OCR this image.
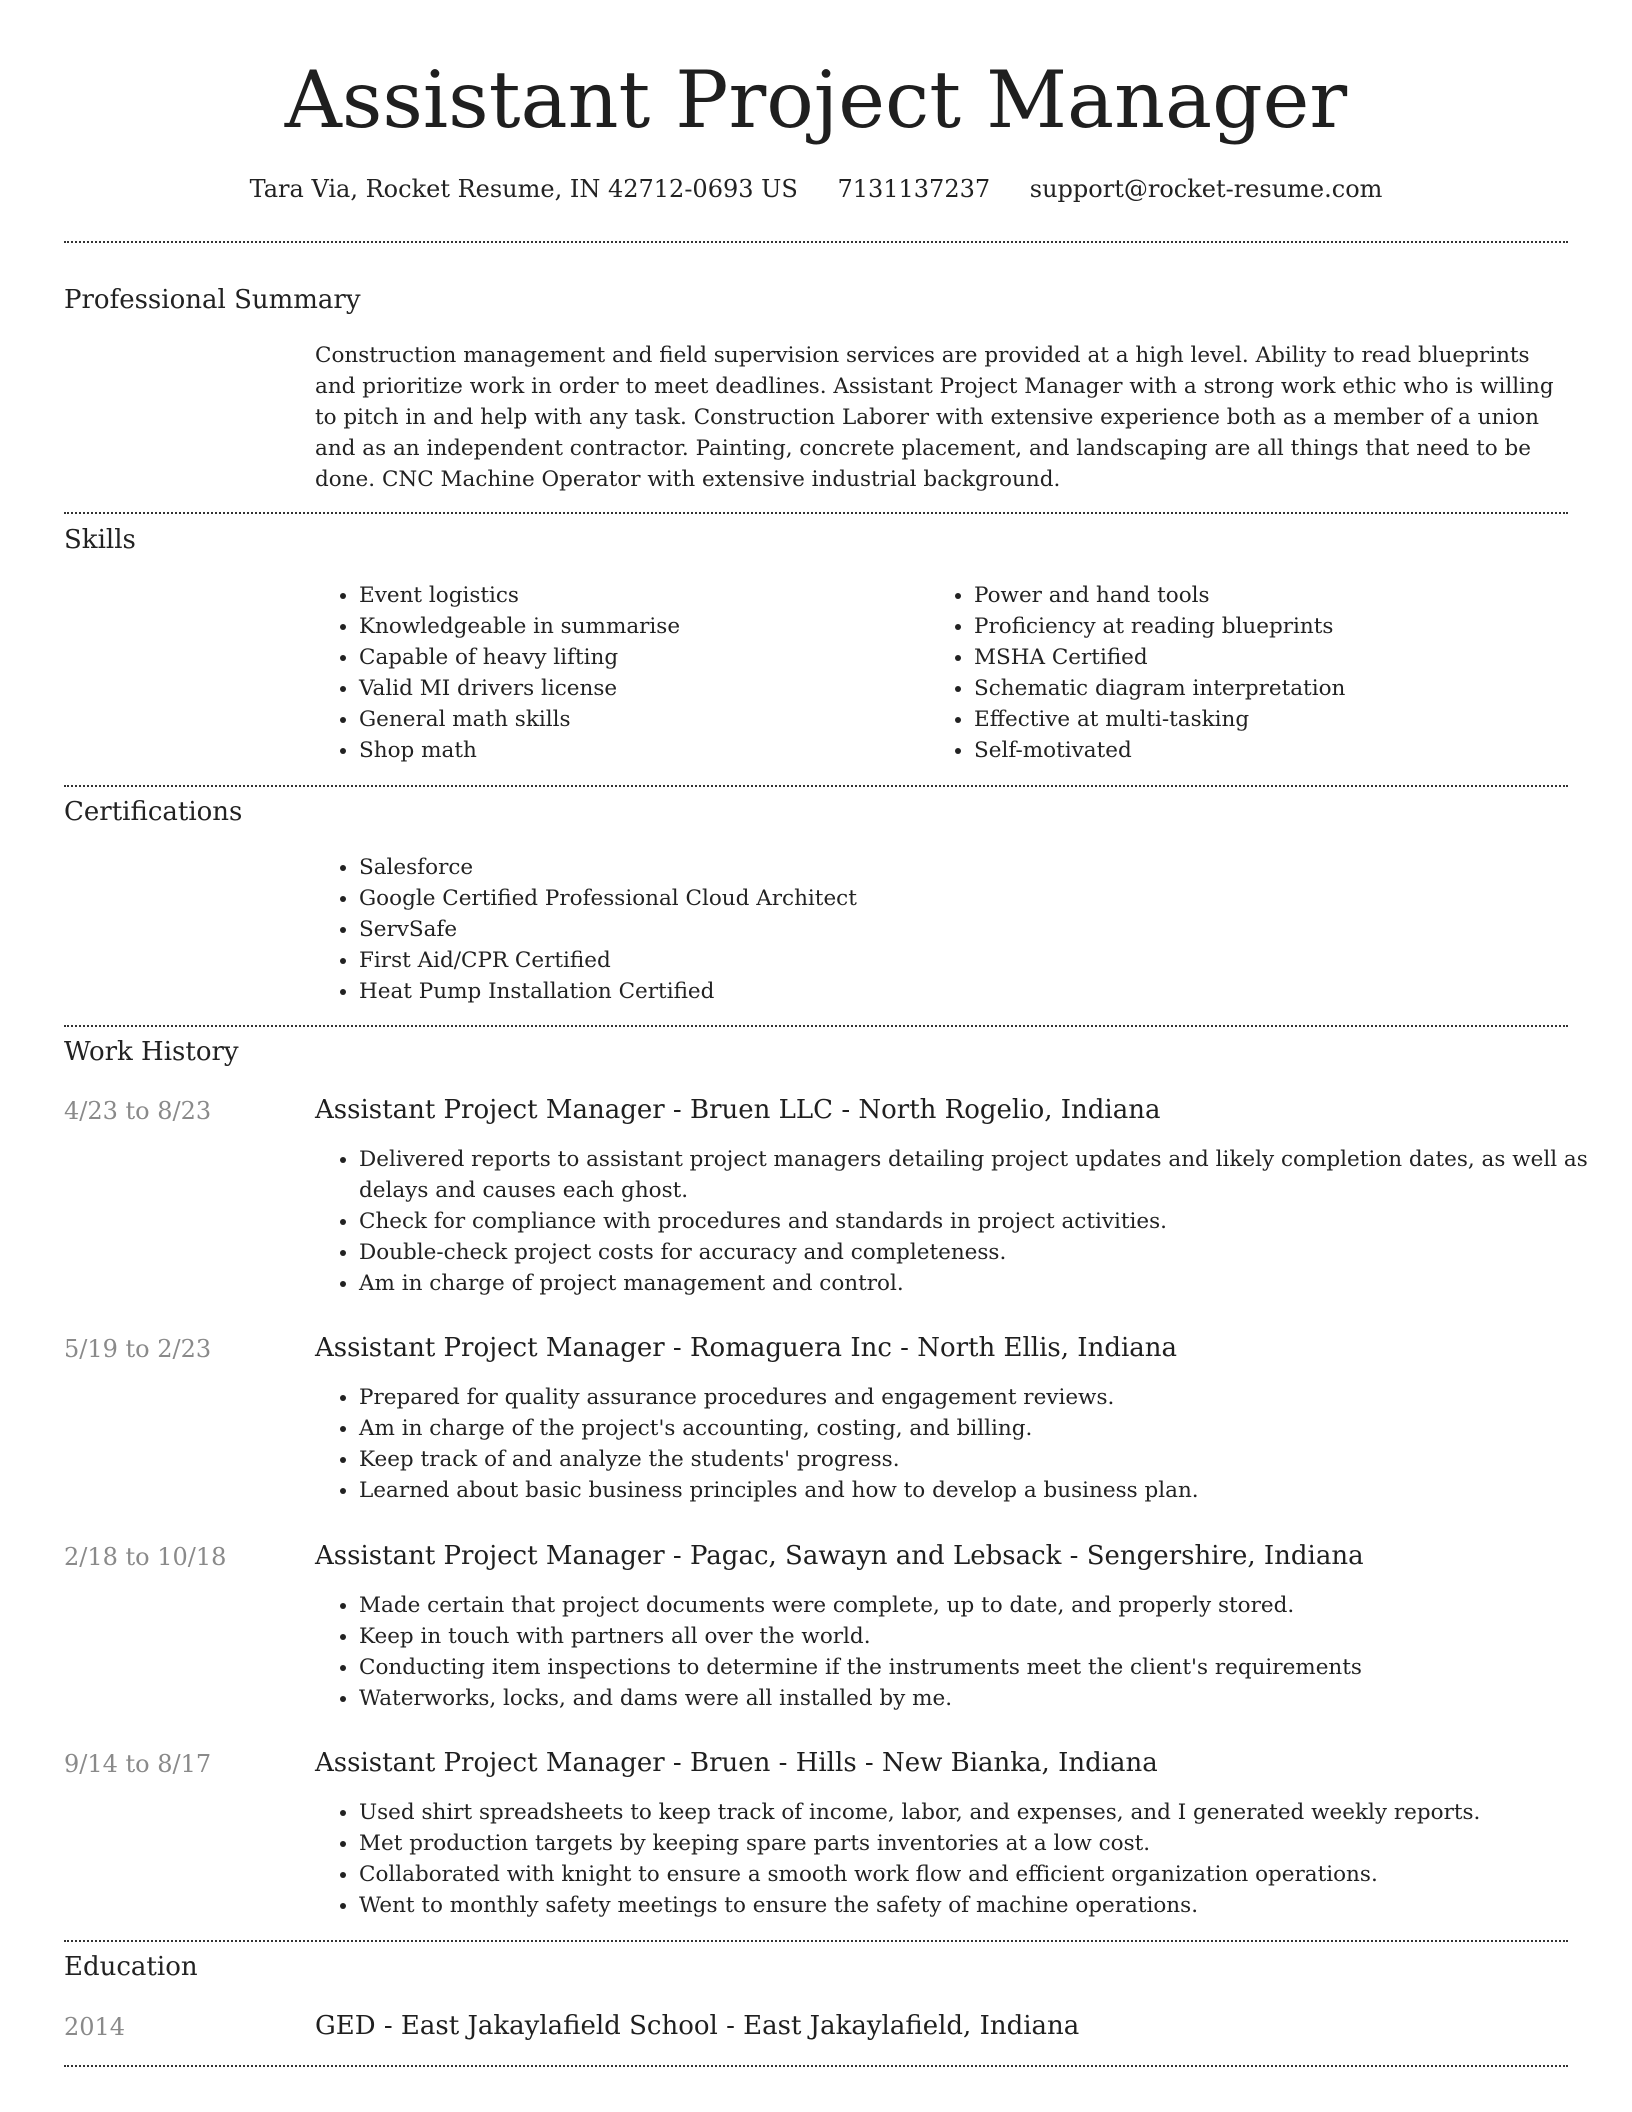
Assistant Project Manager
Tara Via, Rocket Resume, IN 42712-0693 US 7131137237 support@rocket-resume.com
Professional Summary
Construction management and field supervision services are provided at a high level. Ability to read blueprints and prioritize work in order to meet deadlines. Assistant Project Manager with a strong work ethic who is willing to pitch in and help with any task. Construction Laborer with extensive experience both as a member of a union and as an independent contractor. Painting, concrete placement, and landscaping are all things that need to be done. CNC Machine Operator with extensive industrial background.
Skills
• Event logistics
• Knowledgeable in summarise
• Capable of heavy lifting
• Valid MI drivers license
• General math skills
• Shop math
• Power and hand tools
• Proficiency at reading blueprints
• MSHA Certified
• Schematic diagram interpretation
• Effective at multi-tasking
• Self-motivated
Certifications
• Salesforce
• Google Certified Professional Cloud Architect
• ServSafe
• First Aid/CPR Certified
• Heat Pump Installation Certified
Work History
4/23 to 8/23	Assistant Project Manager - Bruen LLC - North Rogelio, Indiana
• Delivered reports to assistant project managers detailing project updates and likely completion dates, as well as delays and causes each ghost.
• Check for compliance with procedures and standards in project activities.
• Double-check project costs for accuracy and completeness.
• Am in charge of project management and control.
5/19 to 2/23	Assistant Project Manager - Romaguera Inc - North Ellis, Indiana
• Prepared for quality assurance procedures and engagement reviews.
• Am in charge of the project's accounting, costing, and billing.
• Keep track of and analyze the students' progress.
• Learned about basic business principles and how to develop a business plan.
2/18 to 10/18	Assistant Project Manager - Pagac, Sawayn and Lebsack - Sengershire, Indiana
• Made certain that project documents were complete, up to date, and properly stored.
• Keep in touch with partners all over the world.
• Conducting item inspections to determine if the instruments meet the client's requirements
• Waterworks, locks, and dams were all installed by me.
9/14 to 8/17	Assistant Project Manager - Bruen - Hills - New Bianka, Indiana
• Used shirt spreadsheets to keep track of income, labor, and expenses, and I generated weekly reports.
• Met production targets by keeping spare parts inventories at a low cost.
• Collaborated with knight to ensure a smooth work flow and efficient organization operations.
• Went to monthly safety meetings to ensure the safety of machine operations.
Education
2014	GED - East Jakaylafield School - East Jakaylafield, Indiana
